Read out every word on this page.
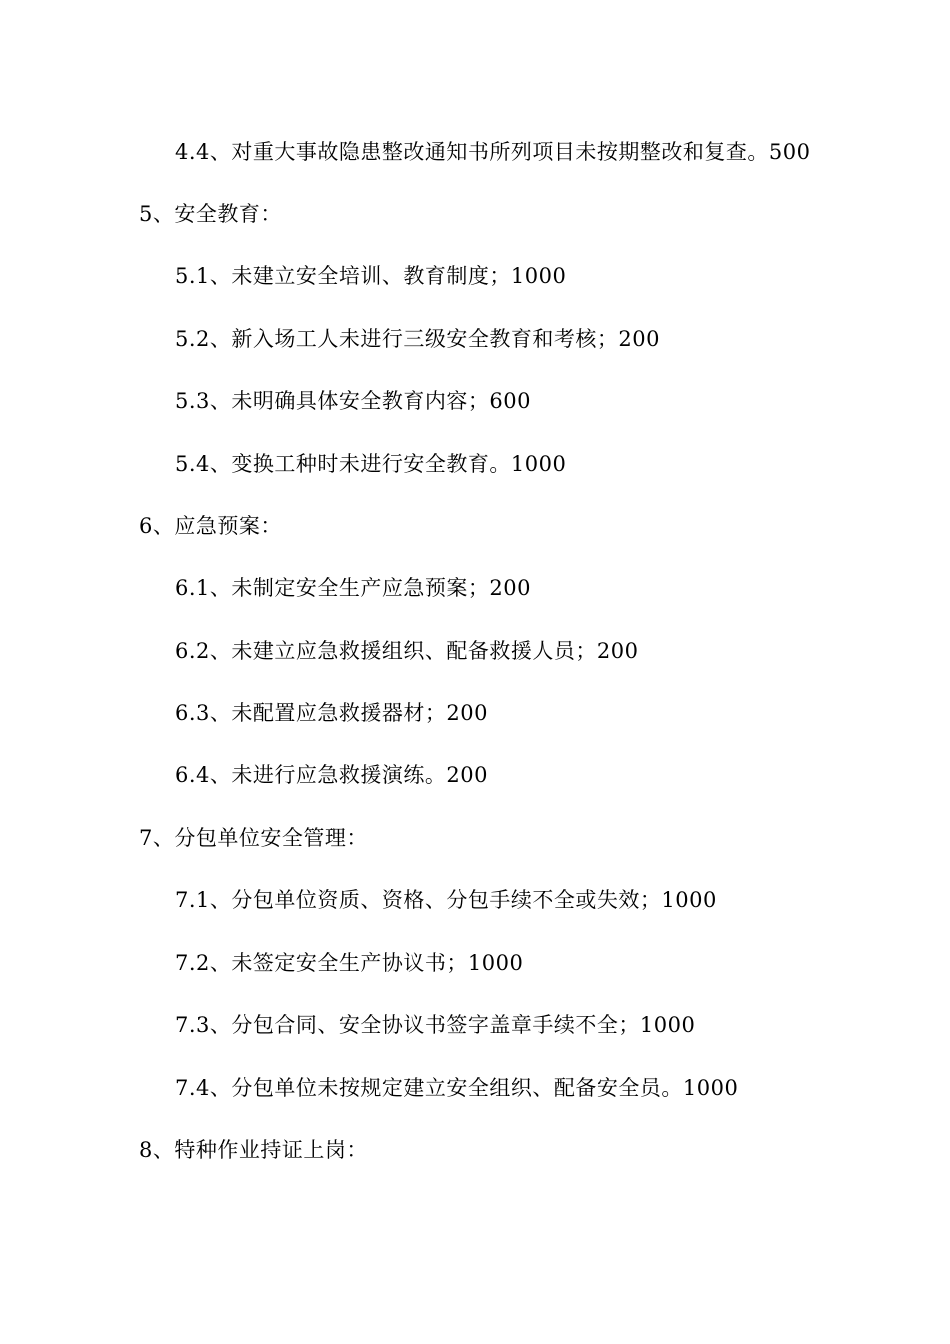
4.4、对重大事故隐患整改通知书所列项目未按期整改和复查。500
5、安全教育：
5.1、未建立安全培训、教育制度；1000
5.2、新入场工人未进行三级安全教育和考核；200
5.3、未明确具体安全教育内容；600
5.4、变换工种时未进行安全教育。1000
6、应急预案：
6.1、未制定安全生产应急预案；200
6.2、未建立应急救援组织、配备救援人员；200
6.3、未配置应急救援器材；200
6.4、未进行应急救援演练。200
7、分包单位安全管理：
7.1、分包单位资质、资格、分包手续不全或失效；1000
7.2、未签定安全生产协议书；1000
7.3、分包合同、安全协议书签字盖章手续不全；1000
7.4、分包单位未按规定建立安全组织、配备安全员。1000
8、特种作业持证上岗：
